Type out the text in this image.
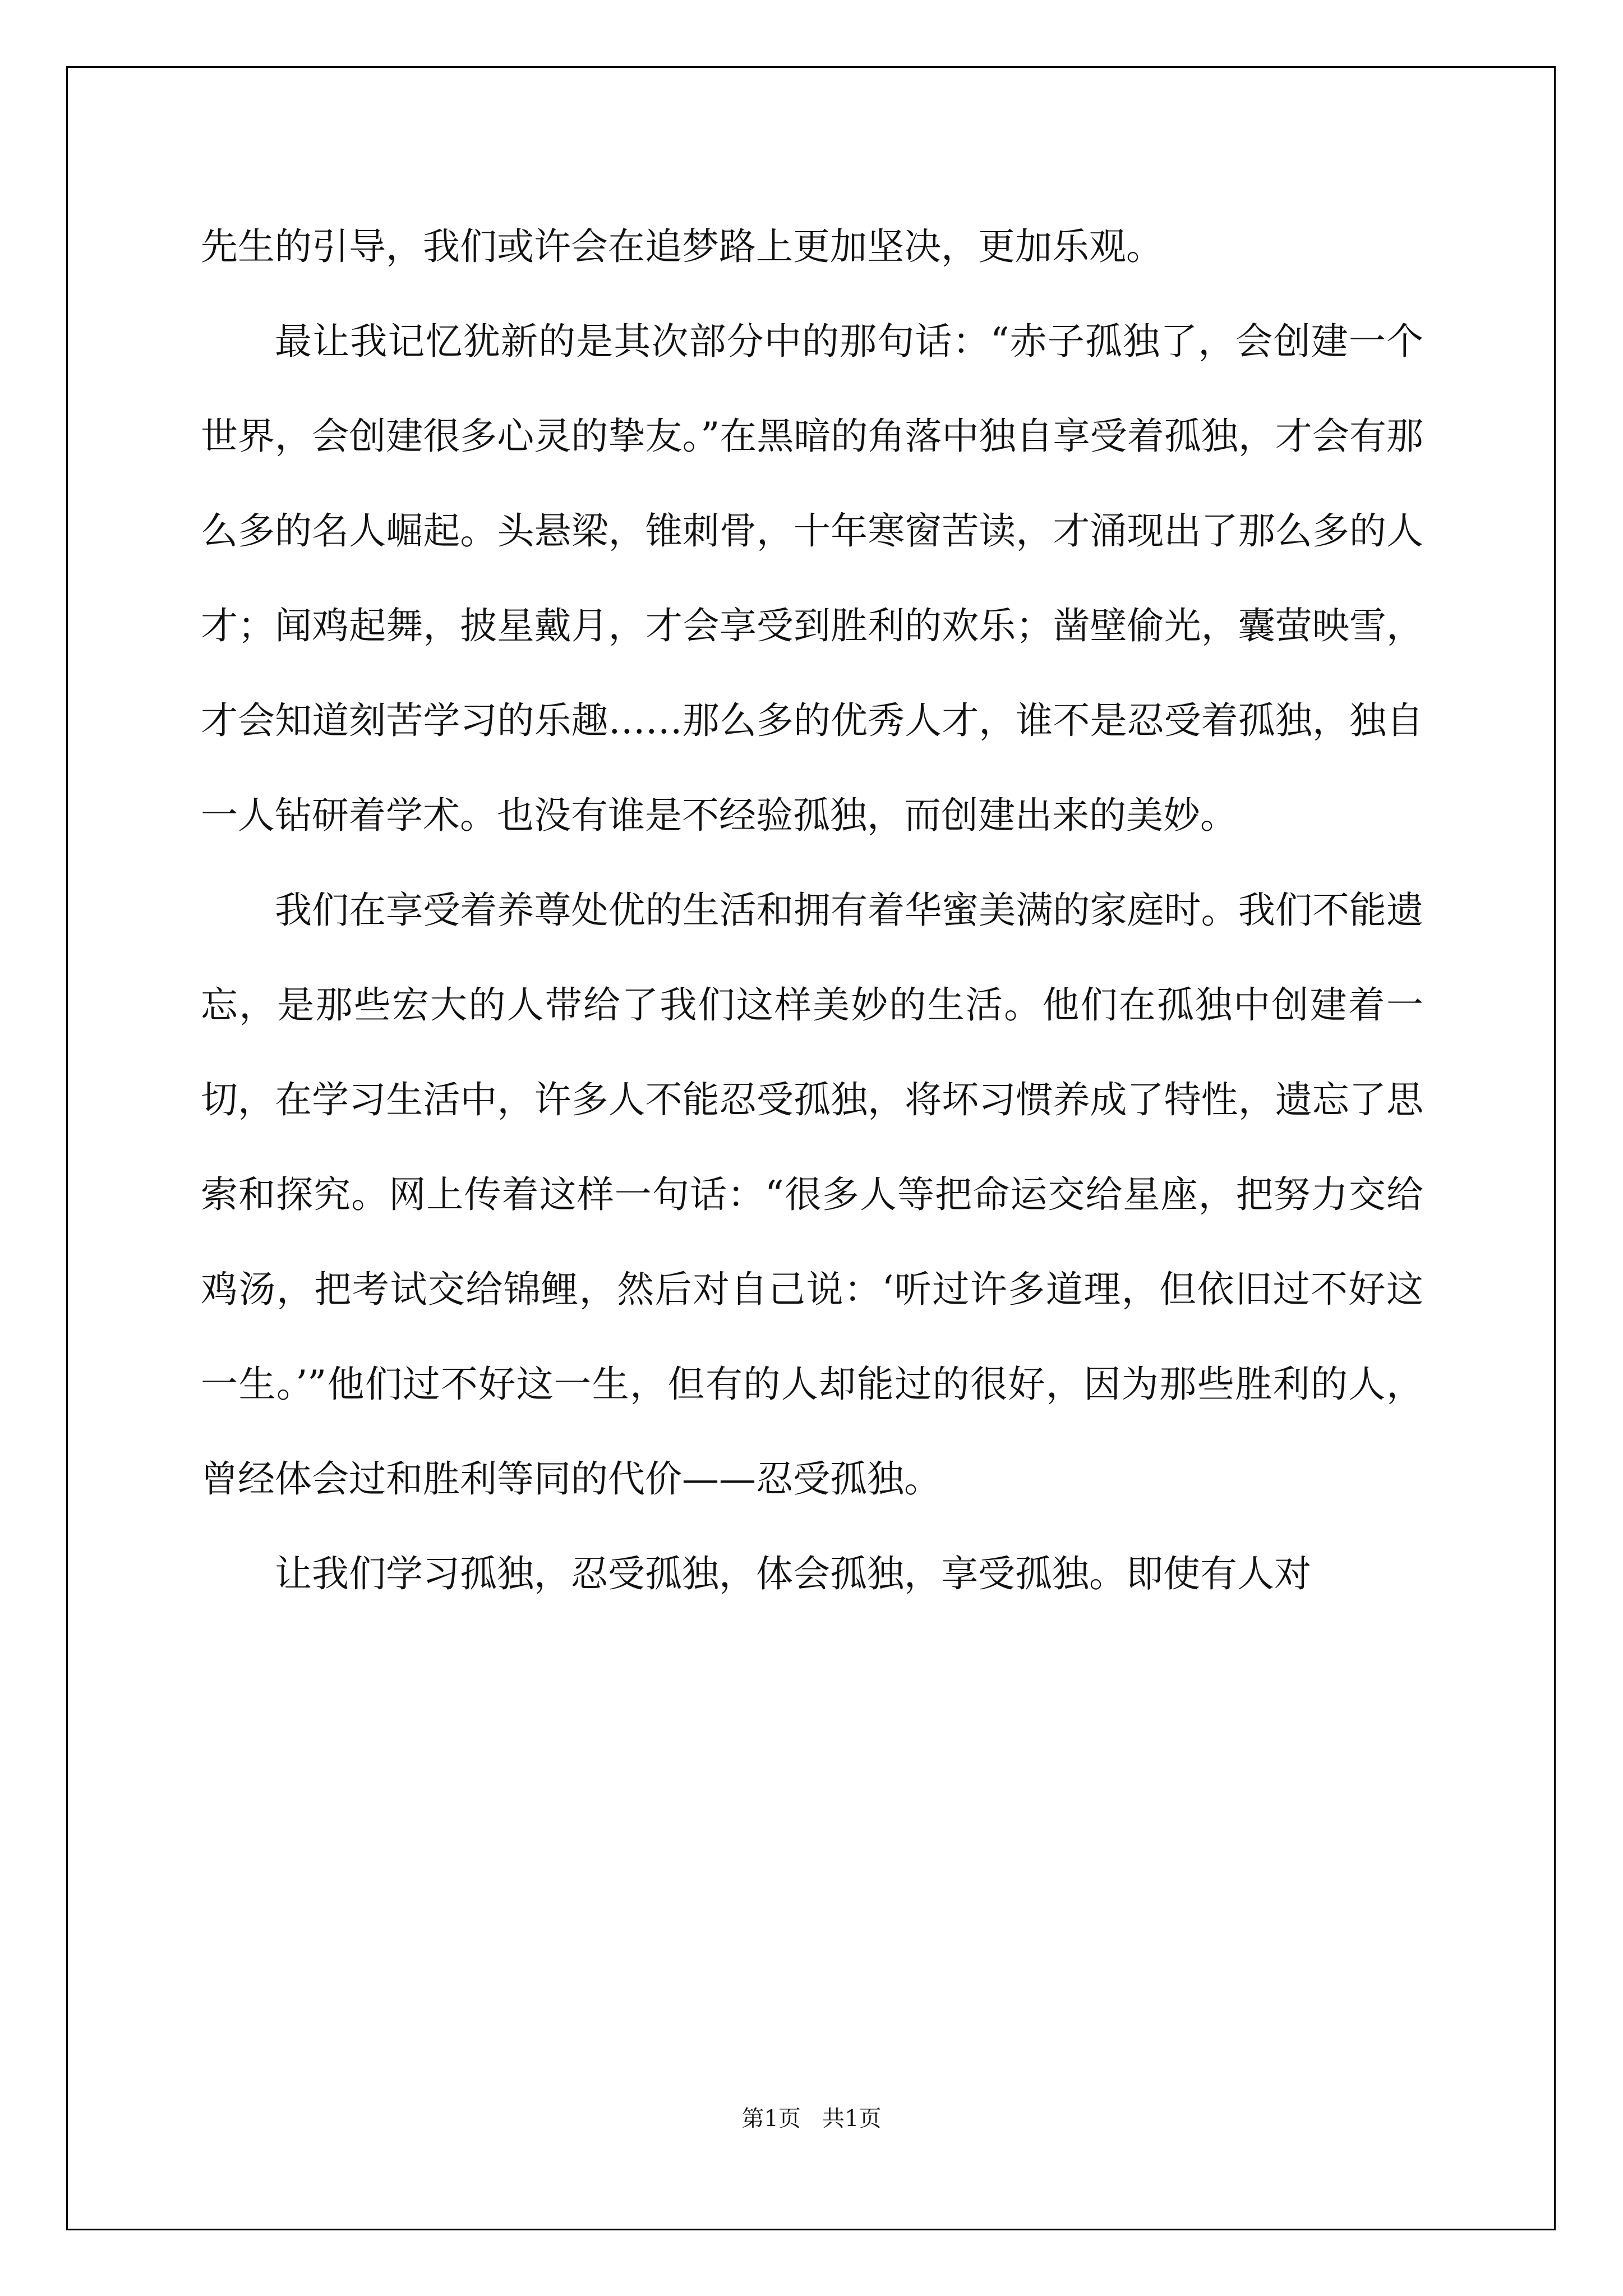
先生的引导，我们或许会在追梦路上更加坚决，更加乐观。

最让我记忆犹新的是其次部分中的那句话：“赤子孤独了，会创建一个世界，会创建很多心灵的挚友。”在黑暗的角落中独自享受着孤独，才会有那么多的名人崛起。头悬梁，锥刺骨，十年寒窗苦读，才涌现出了那么多的人才；闻鸡起舞，披星戴月，才会享受到胜利的欢乐；凿壁偷光，囊萤映雪，才会知道刻苦学习的乐趣……那么多的优秀人才，谁不是忍受着孤独，独自一人钻研着学术。也没有谁是不经验孤独，而创建出来的美妙。

我们在享受着养尊处优的生活和拥有着华蜜美满的家庭时。我们不能遗忘，是那些宏大的人带给了我们这样美妙的生活。他们在孤独中创建着一切，在学习生活中，许多人不能忍受孤独，将坏习惯养成了特性，遗忘了思索和探究。网上传着这样一句话：“很多人等把命运交给星座，把努力交给鸡汤，把考试交给锦鲤，然后对自己说：‘听过许多道理，但依旧过不好这一生。’”他们过不好这一生，但有的人却能过的很好，因为那些胜利的人，曾经体会过和胜利等同的代价——忍受孤独。

让我们学习孤独，忍受孤独，体会孤独，享受孤独。即使有人对

第1页   共1页
